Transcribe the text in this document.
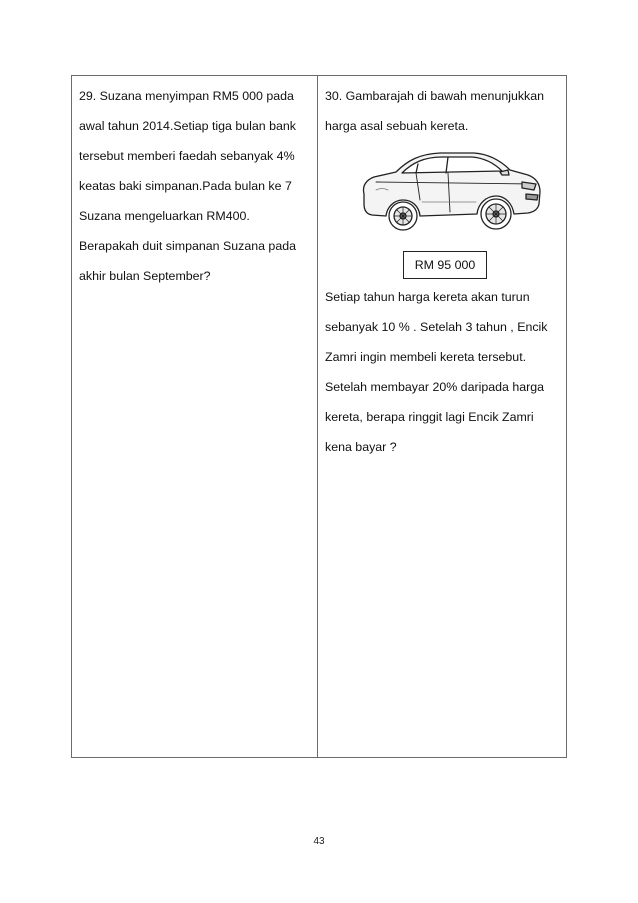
29. Suzana menyimpan RM5 000 pada
awal tahun 2014.Setiap tiga bulan bank
tersebut memberi faedah sebanyak 4%
keatas baki simpanan.Pada bulan ke 7
Suzana mengeluarkan RM400.
Berapakah duit simpanan Suzana pada
akhir bulan September?
30. Gambarajah di bawah menunjukkan
harga asal sebuah kereta.
RM 95 000
Setiap tahun harga kereta akan turun
sebanyak 10 % . Setelah 3 tahun , Encik
Zamri ingin membeli kereta tersebut.
Setelah membayar 20% daripada harga
kereta, berapa ringgit lagi Encik Zamri
kena bayar ?
43
